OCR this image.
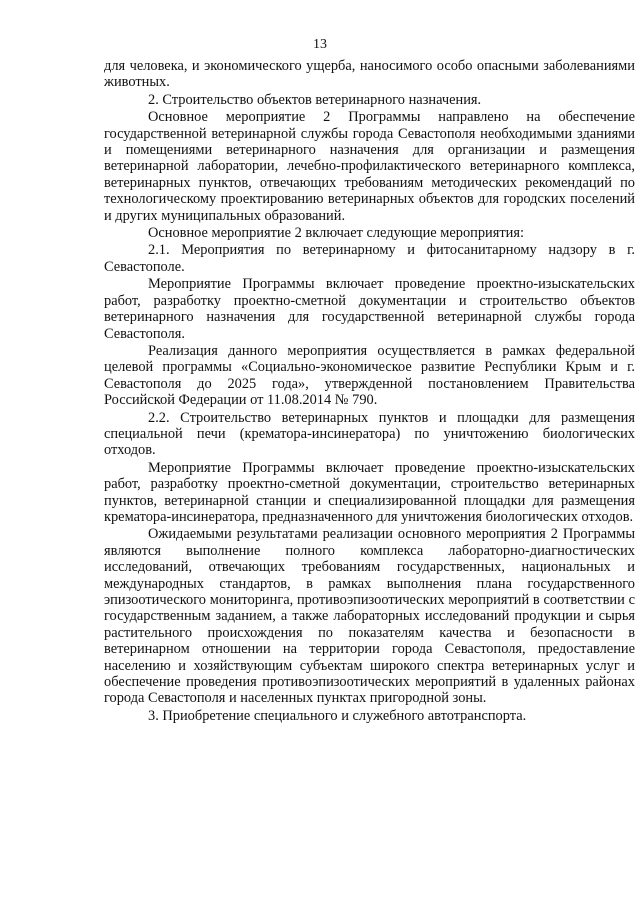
13

для человека, и экономического ущерба, наносимого особо опасными заболеваниями животных.

2. Строительство объектов ветеринарного назначения.

Основное мероприятие 2 Программы направлено на обеспечение государственной ветеринарной службы города Севастополя необходимыми зданиями и помещениями ветеринарного назначения для организации и размещения ветеринарной лаборатории, лечебно-профилактического ветеринарного комплекса, ветеринарных пунктов, отвечающих требованиям методических рекомендаций по технологическому проектированию ветеринарных объектов для городских поселений и других муниципальных образований.

Основное мероприятие 2 включает следующие мероприятия:

2.1. Мероприятия по ветеринарному и фитосанитарному надзору в г. Севастополе.

Мероприятие Программы включает проведение проектно-изыскательских работ, разработку проектно-сметной документации и строительство объектов ветеринарного назначения для государственной ветеринарной службы города Севастополя.

Реализация данного мероприятия осуществляется в рамках федеральной целевой программы «Социально-экономическое развитие Республики Крым и г. Севастополя до 2025 года», утвержденной постановлением Правительства Российской Федерации от 11.08.2014 № 790.

2.2. Строительство ветеринарных пунктов и площадки для размещения специальной печи (крематора-инсинератора) по уничтожению биологических отходов.

Мероприятие Программы включает проведение проектно-изыскательских работ, разработку проектно-сметной документации, строительство ветеринарных пунктов, ветеринарной станции и специализированной площадки для размещения крематора-инсинератора, предназначенного для уничтожения биологических отходов.

Ожидаемыми результатами реализации основного мероприятия 2 Программы являются выполнение полного комплекса лабораторно-диагностических исследований, отвечающих требованиям государственных, национальных и международных стандартов, в рамках выполнения плана государственного эпизоотического мониторинга, противоэпизоотических мероприятий в соответствии с государственным заданием, а также лабораторных исследований продукции и сырья растительного происхождения по показателям качества и безопасности в ветеринарном отношении на территории города Севастополя, предоставление населению и хозяйствующим субъектам широкого спектра ветеринарных услуг и обеспечение проведения противоэпизоотических мероприятий в удаленных районах города Севастополя и населенных пунктах пригородной зоны.

3. Приобретение специального и служебного автотранспорта.
